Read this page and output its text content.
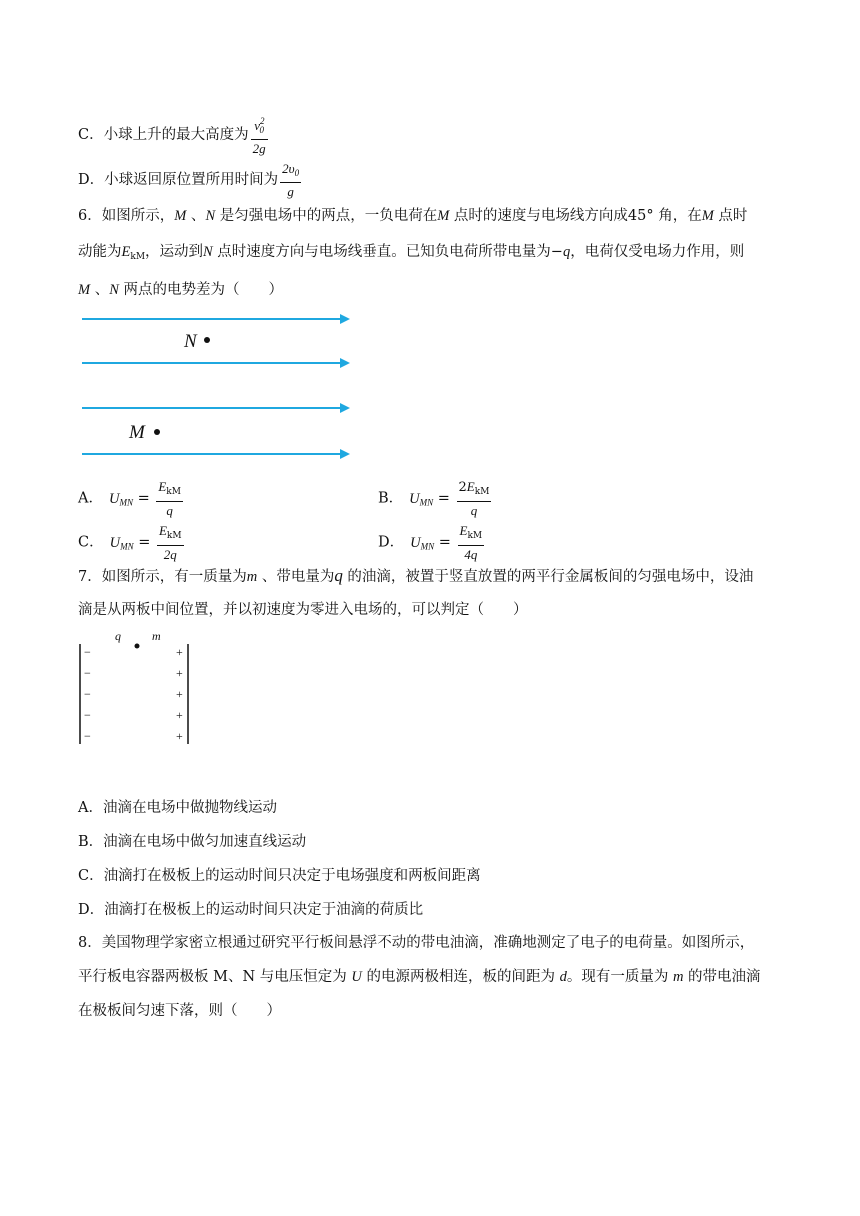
C．小球上升的最大高度为 $\frac{v^2_0}{2g}$
D．小球返回原位置所用时间为 $\frac{2\upsilon_0}{g}$
6．如图所示，M 、N 是匀强电场中的两点，一负电荷在M 点时的速度与电场线方向成45° 角，在M 点时
动能为$E_{kM}$，运动到N 点时速度方向与电场线垂直。已知负电荷所带电量为−q，电荷仅受电场力作用，则
M 、N 两点的电势差为（　　）
N
M
A． $U_{MN} = \frac{E_{kM}}{q}$	B． $U_{MN} = \frac{2E_{kM}}{q}$
C． $U_{MN} = \frac{E_{kM}}{2q}$	D． $U_{MN} = \frac{E_{kM}}{4q}$
7．如图所示，有一质量为m 、带电量为q 的油滴，被置于竖直放置的两平行金属板间的匀强电场中，设油
滴是从两板中间位置，并以初速度为零进入电场的，可以判定（　　）
q	m
−
−
−
−
−
+
+
+
+
+
A．油滴在电场中做抛物线运动
B．油滴在电场中做匀加速直线运动
C．油滴打在极板上的运动时间只决定于电场强度和两板间距离
D．油滴打在极板上的运动时间只决定于油滴的荷质比
8．美国物理学家密立根通过研究平行板间悬浮不动的带电油滴，准确地测定了电子的电荷量。如图所示，
平行板电容器两极板 M、N 与电压恒定为 U 的电源两极相连，板的间距为 d。现有一质量为 m 的带电油滴
在极板间匀速下落，则（　　）
